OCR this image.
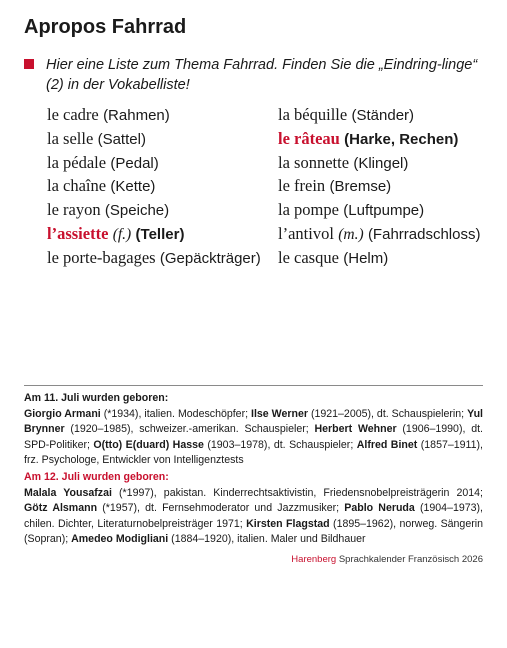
Apropos Fahrrad
Hier eine Liste zum Thema Fahrrad. Finden Sie die „Eindring-linge“ (2) in der Vokabelliste!
le cadre (Rahmen)
la selle (Sattel)
la pédale (Pedal)
la chaîne (Kette)
le rayon (Speiche)
l’assiette (f.) (Teller)
le porte-bagages (Gepäckträger)
la béquille (Ständer)
le râteau (Harke, Rechen)
la sonnette (Klingel)
le frein (Bremse)
la pompe (Luftpumpe)
l’antivol (m.) (Fahrradschloss)
le casque (Helm)
Am 11. Juli wurden geboren:

Giorgio Armani (*1934), italien. Modeschöpfer; Ilse Werner (1921–2005), dt. Schauspielerin; Yul Brynner (1920–1985), schweizer.-amerikan. Schauspieler; Herbert Wehner (1906–1990), dt. SPD-Politiker; O(tto) E(duard) Hasse (1903–1978), dt. Schauspieler; Alfred Binet (1857–1911), frz. Psychologe, Entwickler von Intelligenztests

Am 12. Juli wurden geboren:

Malala Yousafzai (*1997), pakistan. Kinderrechtsaktivistin, Friedensnobelpreisträgerin 2014; Götz Alsmann (*1957), dt. Fernsehmoderator und Jazzmusiker; Pablo Neruda (1904–1973), chilen. Dichter, Literaturnobelpreisträger 1971; Kirsten Flagstad (1895–1962), norweg. Sängerin (Sopran); Amedeo Modigliani (1884–1920), italien. Maler und Bildhauer

Harenberg Sprachkalender Französisch 2026
